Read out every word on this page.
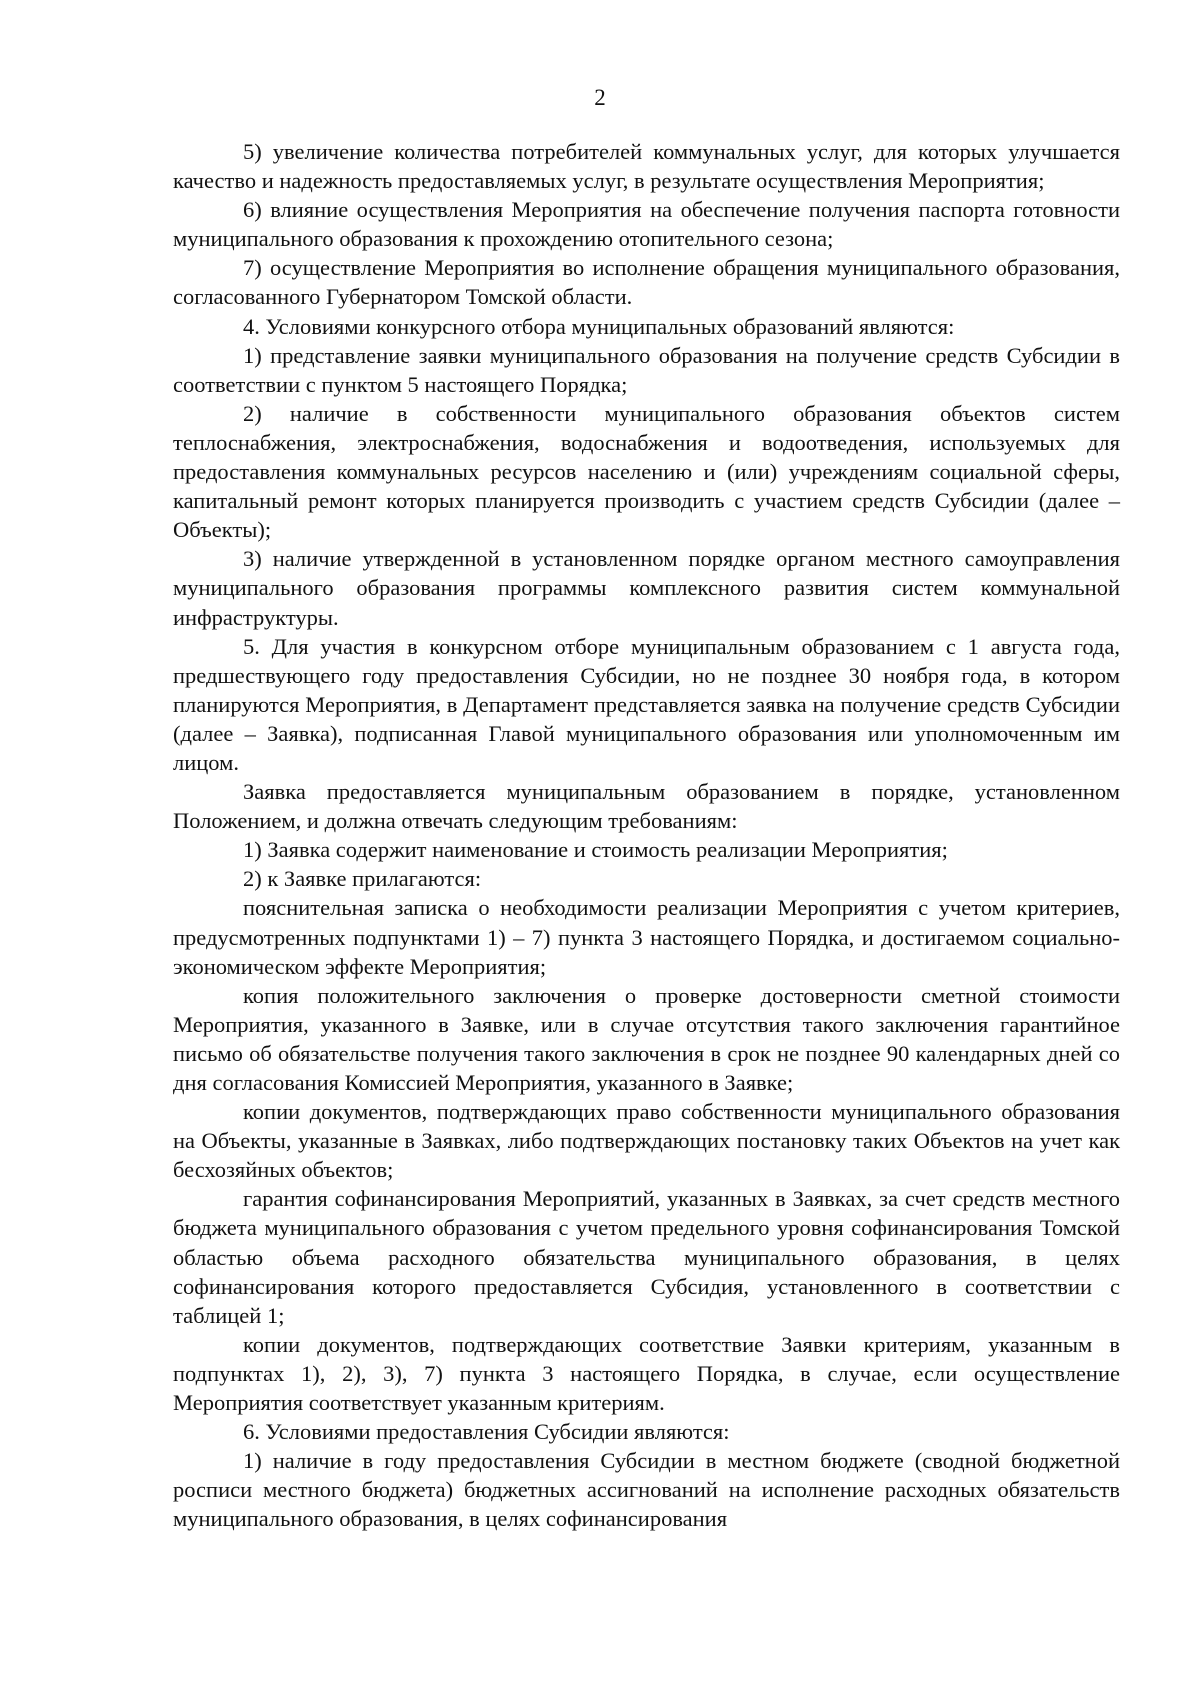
2

5) увеличение количества потребителей коммунальных услуг, для которых улучшается качество и надежность предоставляемых услуг, в результате осуществления Мероприятия;

6) влияние осуществления Мероприятия на обеспечение получения паспорта готовности муниципального образования к прохождению отопительного сезона;

7) осуществление Мероприятия во исполнение обращения муниципального образования, согласованного Губернатором Томской области.

4. Условиями конкурсного отбора муниципальных образований являются:

1) представление заявки муниципального образования на получение средств Субсидии в соответствии с пунктом 5 настоящего Порядка;

2) наличие в собственности муниципального образования объектов систем теплоснабжения, электроснабжения, водоснабжения и водоотведения, используемых для предоставления коммунальных ресурсов населению и (или) учреждениям социальной сферы, капитальный ремонт которых планируется производить с участием средств Субсидии (далее – Объекты);

3) наличие утвержденной в установленном порядке органом местного самоуправления муниципального образования программы комплексного развития систем коммунальной инфраструктуры.

5. Для участия в конкурсном отборе муниципальным образованием с 1 августа года, предшествующего году предоставления Субсидии, но не позднее 30 ноября года, в котором планируются Мероприятия, в Департамент представляется заявка на получение средств Субсидии (далее – Заявка), подписанная Главой муниципального образования или уполномоченным им лицом.

Заявка предоставляется муниципальным образованием в порядке, установленном Положением, и должна отвечать следующим требованиям:

1) Заявка содержит наименование и стоимость реализации Мероприятия;

2) к Заявке прилагаются:

пояснительная записка о необходимости реализации Мероприятия с учетом критериев, предусмотренных подпунктами 1) – 7) пункта 3 настоящего Порядка, и достигаемом социально-экономическом эффекте Мероприятия;

копия положительного заключения о проверке достоверности сметной стоимости Мероприятия, указанного в Заявке, или в случае отсутствия такого заключения гарантийное письмо об обязательстве получения такого заключения в срок не позднее 90 календарных дней со дня согласования Комиссией Мероприятия, указанного в Заявке;

копии документов, подтверждающих право собственности муниципального образования на Объекты, указанные в Заявках, либо подтверждающих постановку таких Объектов на учет как бесхозяйных объектов;

гарантия софинансирования Мероприятий, указанных в Заявках, за счет средств местного бюджета муниципального образования с учетом предельного уровня софинансирования Томской областью объема расходного обязательства муниципального образования, в целях софинансирования которого предоставляется Субсидия, установленного в соответствии с таблицей 1;

копии документов, подтверждающих соответствие Заявки критериям, указанным в подпунктах 1), 2), 3), 7) пункта 3 настоящего Порядка, в случае, если осуществление Мероприятия соответствует указанным критериям.

6. Условиями предоставления Субсидии являются:

1) наличие в году предоставления Субсидии в местном бюджете (сводной бюджетной росписи местного бюджета) бюджетных ассигнований на исполнение расходных обязательств муниципального образования, в целях софинансирования
